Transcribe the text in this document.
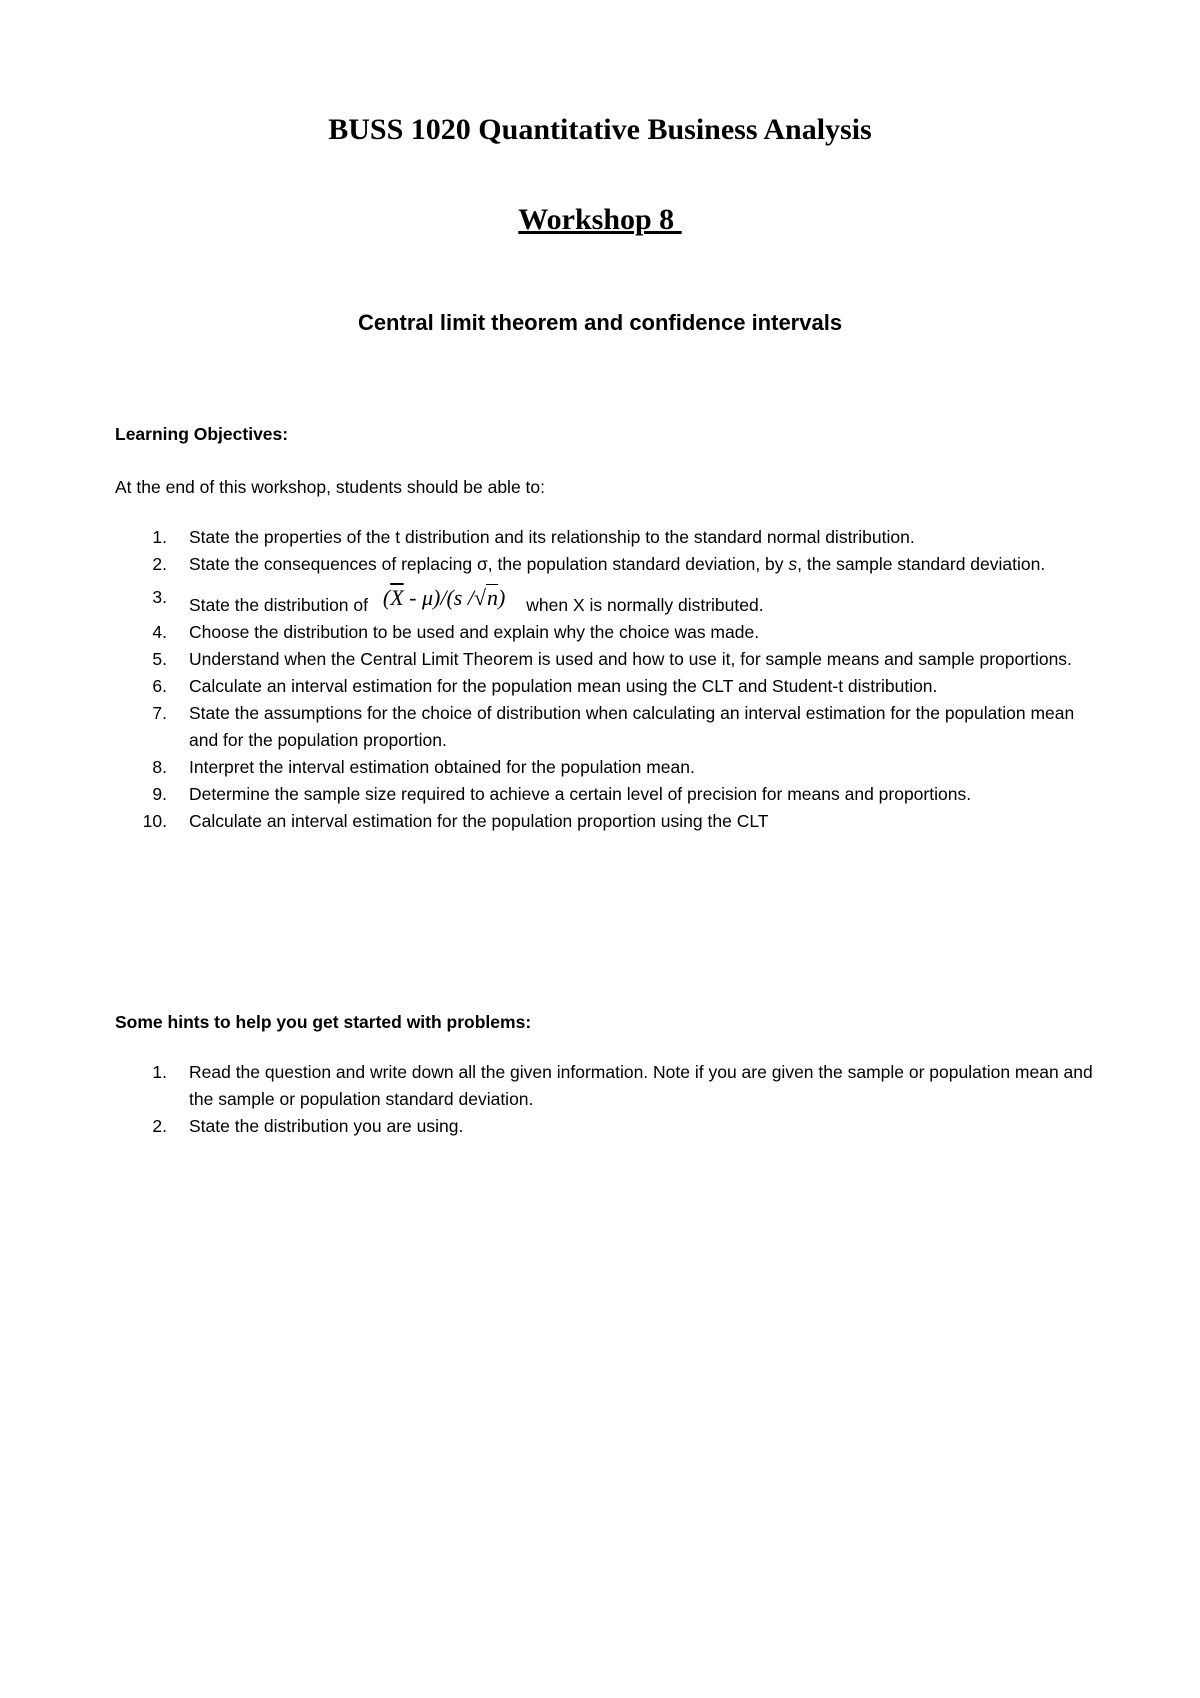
BUSS 1020 Quantitative Business Analysis
Workshop 8
Central limit theorem and confidence intervals
Learning Objectives:
At the end of this workshop, students should be able to:
1. State the properties of the t distribution and its relationship to the standard normal distribution.
2. State the consequences of replacing σ, the population standard deviation, by s, the sample standard deviation.
3. State the distribution of $(\overline{X} - \mu)/(s$ /√n) when X is normally distributed.
4. Choose the distribution to be used and explain why the choice was made.
5. Understand when the Central Limit Theorem is used and how to use it, for sample means and sample proportions.
6. Calculate an interval estimation for the population mean using the CLT and Student-t distribution.
7. State the assumptions for the choice of distribution when calculating an interval estimation for the population mean and for the population proportion.
8. Interpret the interval estimation obtained for the population mean.
9. Determine the sample size required to achieve a certain level of precision for means and proportions.
10. Calculate an interval estimation for the population proportion using the CLT
Some hints to help you get started with problems:
1. Read the question and write down all the given information. Note if you are given the sample or population mean and the sample or population standard deviation.
2. State the distribution you are using.
